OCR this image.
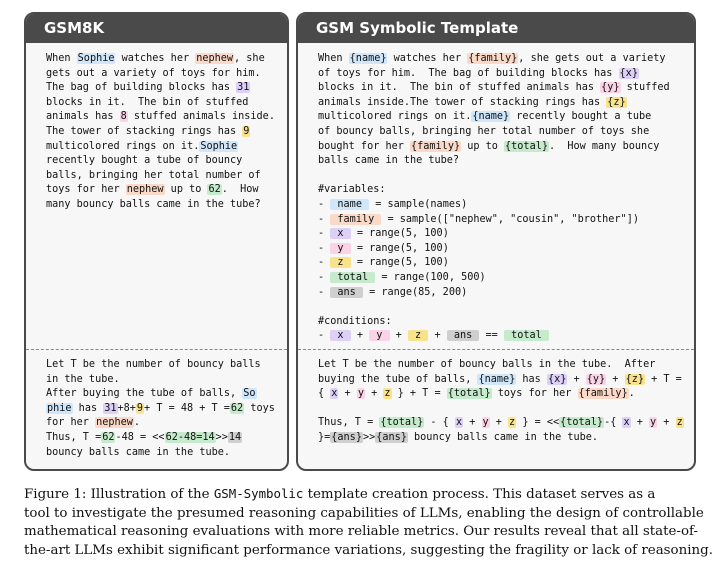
GSM8K
When Sophie watches her nephew, she
gets out a variety of toys for him.
The bag of building blocks has 31
blocks in it.  The bin of stuffed
animals has 8 stuffed animals inside.
The tower of stacking rings has 9
multicolored rings on it.Sophie
recently bought a tube of bouncy
balls, bringing her total number of
toys for her nephew up to 62.  How
many bouncy balls came in the tube?
Let T be the number of bouncy balls
in the tube.
After buying the tube of balls, So
phie has 31+8+9+ T = 48 + T =62 toys
for her nephew.
Thus, T =62-48 = <<62-48=14>>14
bouncy balls came in the tube.
GSM Symbolic Template
When {name} watches her {family}, she gets out a variety
of toys for him.  The bag of building blocks has {x}
blocks in it.  The bin of stuffed animals has {y} stuffed
animals inside.The tower of stacking rings has {z}
multicolored rings on it.{name} recently bought a tube
of bouncy balls, bringing her total number of toys she
bought for her {family} up to {total}.  How many bouncy
balls came in the tube?

#variables:
-  name  = sample(names)
-  family  = sample(["nephew", "cousin", "brother"])
-  x  = range(5, 100)
-  y  = range(5, 100)
-  z  = range(5, 100)
-  total  = range(100, 500)
-  ans  = range(85, 200)

#conditions:
-  x  +  y  +  z  +  ans  ==  total
Let T be the number of bouncy balls in the tube.  After
buying the tube of balls, {name} has {x} + {y} + {z} + T =
{ x + y + z } + T = {total} toys for her {family}.

Thus, T = {total} - { x + y + z } = <<{total}-{ x + y + z
}={ans}>>{ans} bouncy balls came in the tube.
Figure 1: Illustration of the GSM-Symbolic template creation process. This dataset serves as a
tool to investigate the presumed reasoning capabilities of LLMs, enabling the design of controllable
mathematical reasoning evaluations with more reliable metrics. Our results reveal that all state-of-
the-art LLMs exhibit significant performance variations, suggesting the fragility or lack of reasoning.
